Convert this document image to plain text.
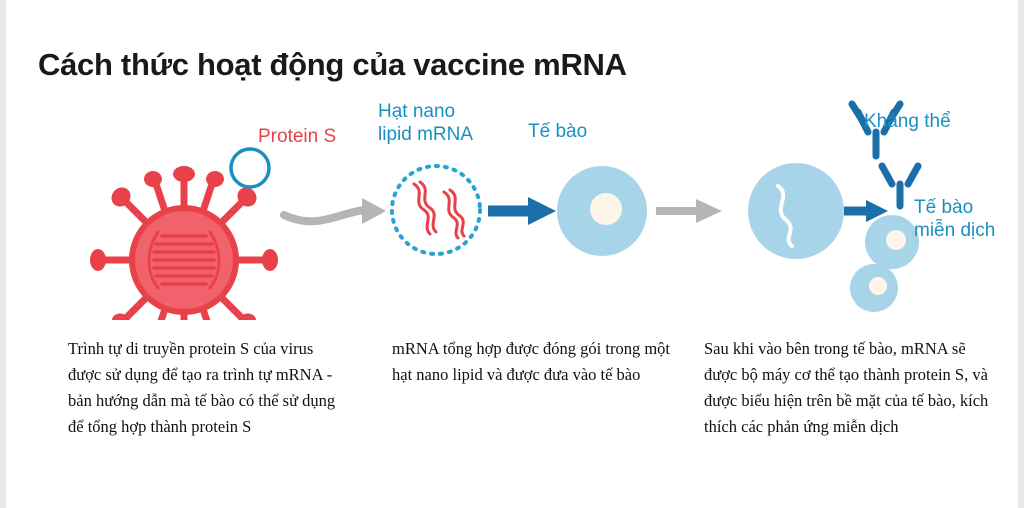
Cách thức hoạt động của vaccine mRNA
Protein S
Hạt nano
lipid mRNA	Tế bào	Kháng thể
Tế bào
miễn dịch
Trình tự di truyền protein S của virus được sử dụng để tạo ra trình tự mRNA - bản hướng dẫn mà tế bào có thể sử dụng để tổng hợp thành protein S
mRNA tổng hợp được đóng gói trong một hạt nano lipid và được đưa vào tế bào
Sau khi vào bên trong tế bào, mRNA sẽ được bộ máy cơ thể tạo thành protein S, và được biểu hiện trên bề mặt của tế bào, kích thích các phản ứng miễn dịch
